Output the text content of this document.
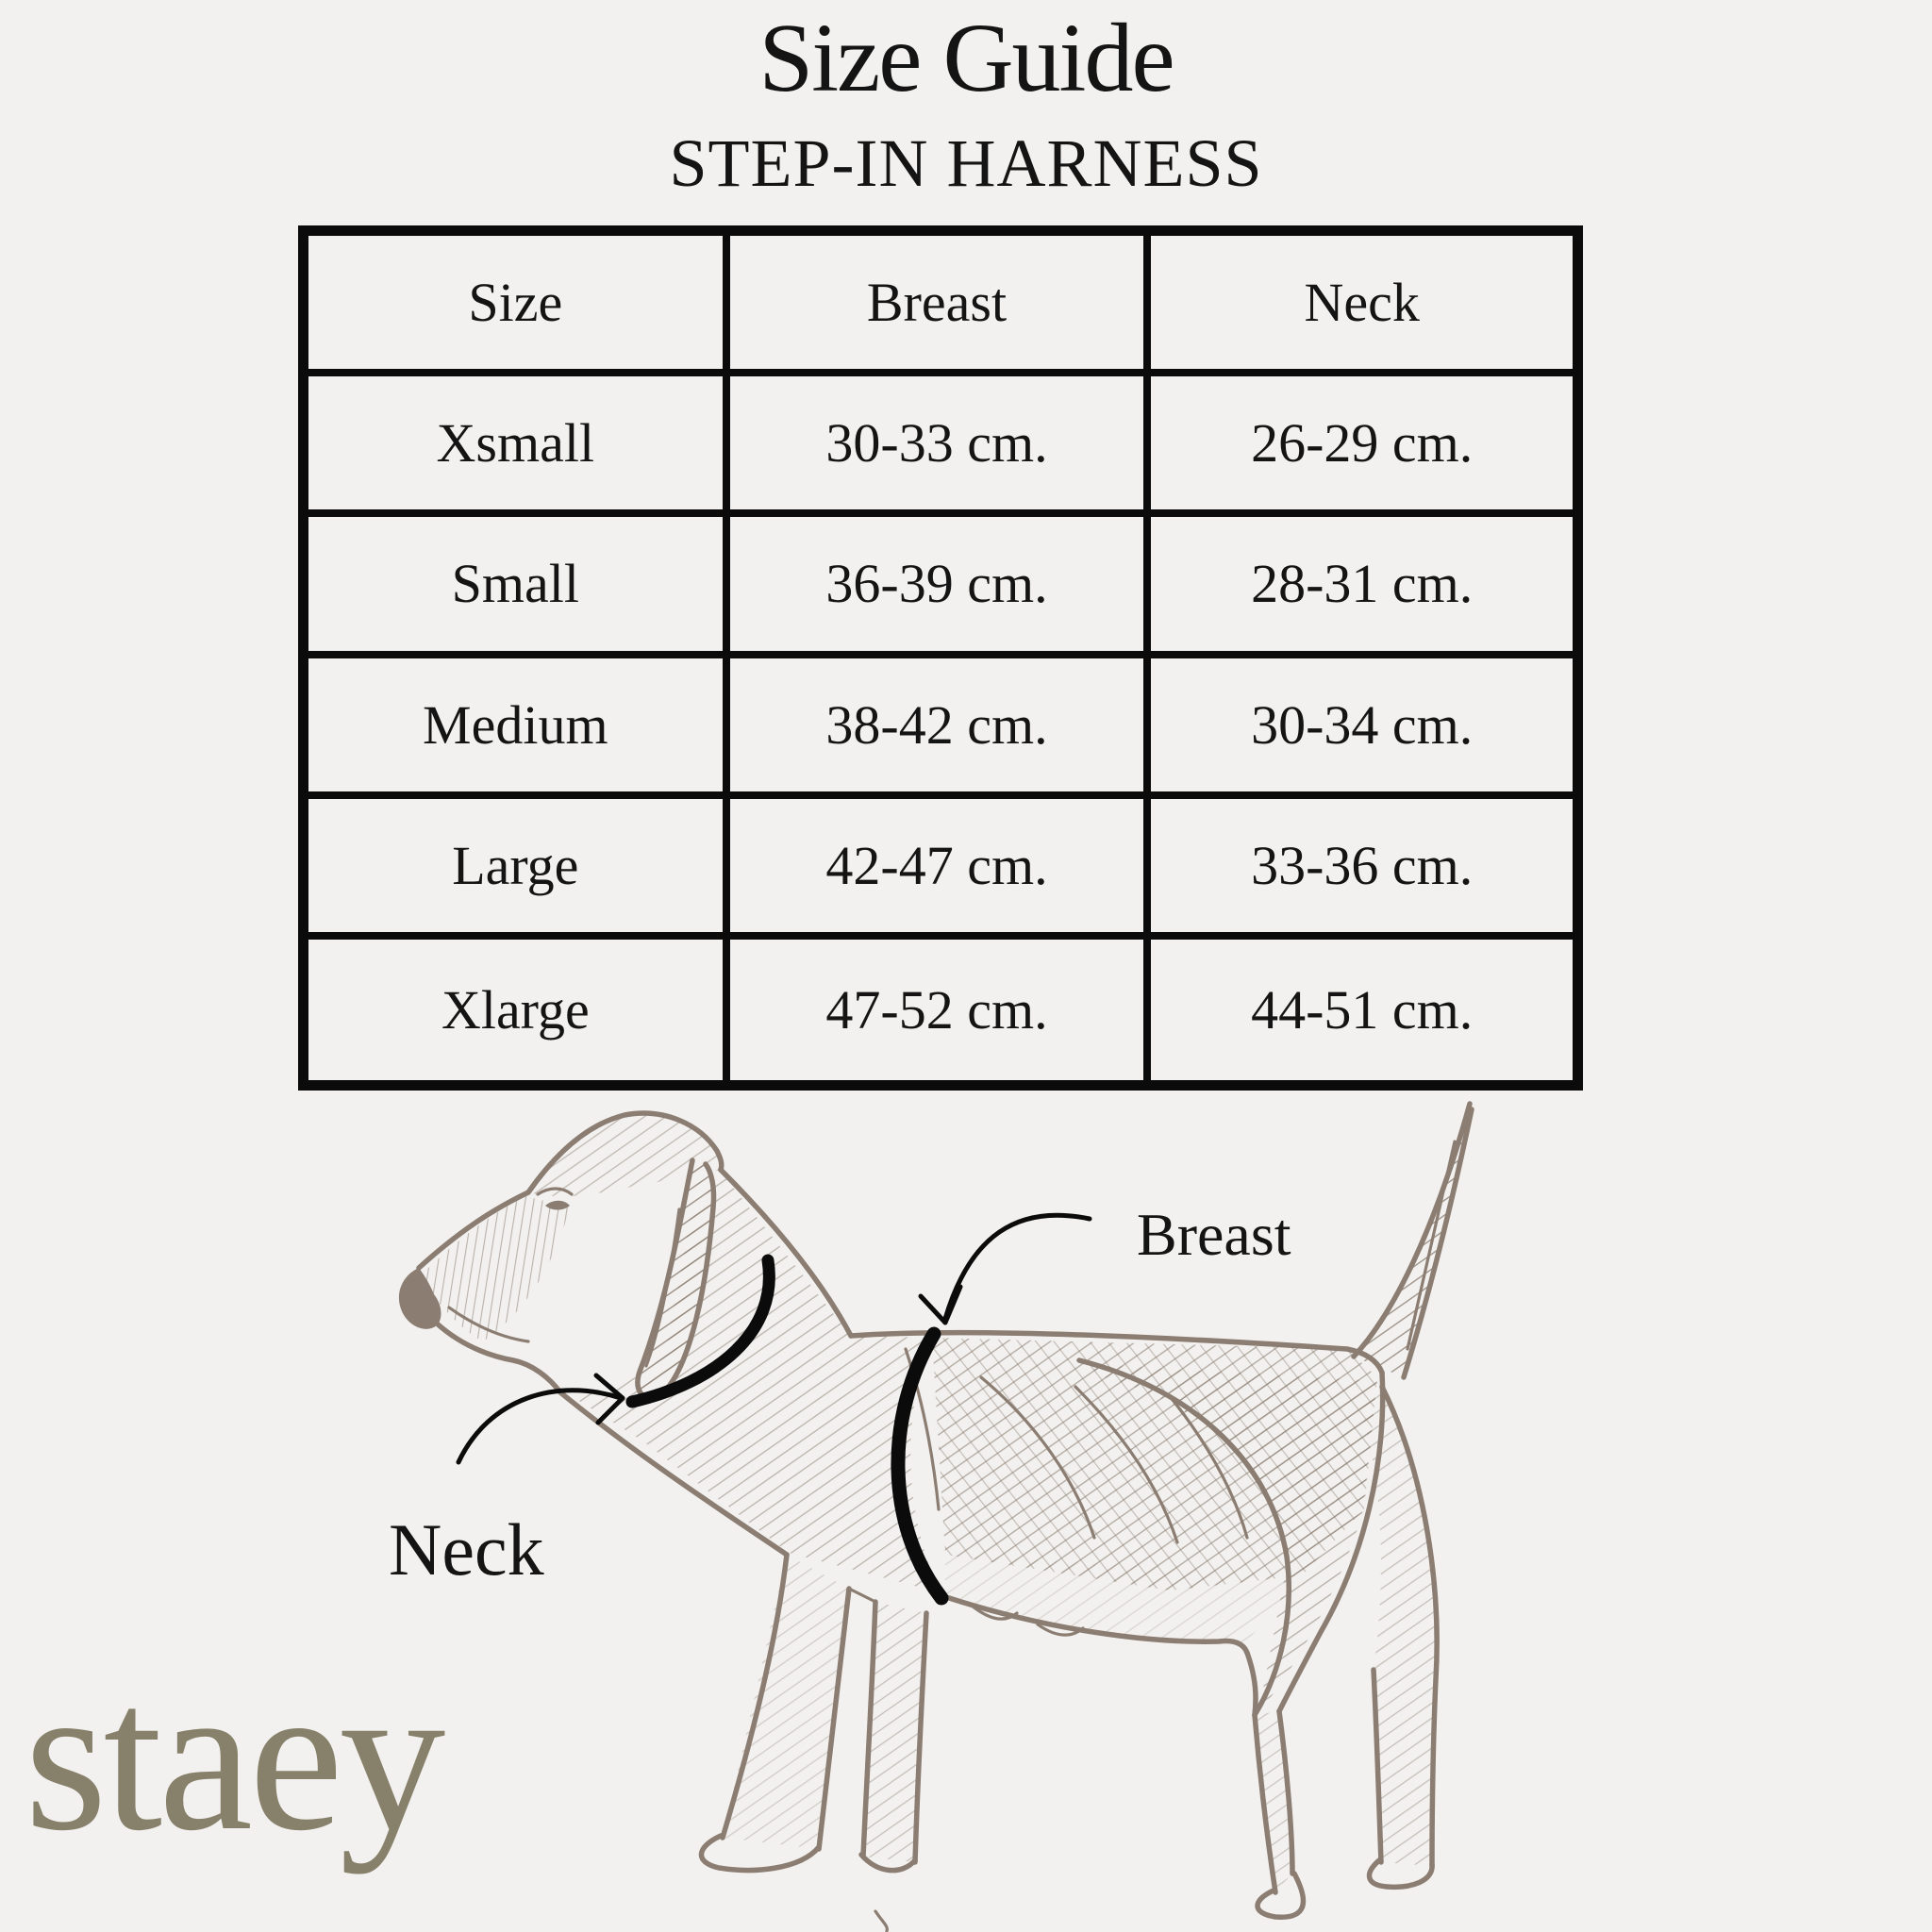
Size Guide
STEP-IN HARNESS
Size	Breast	Neck
Xsmall	30-33 cm.	26-29 cm.
Small	36-39 cm.	28-31 cm.
Medium	38-42 cm.	30-34 cm.
Large	42-47 cm.	33-36 cm.
Xlarge	47-52 cm.	44-51 cm.

Breast

Neck

staey
